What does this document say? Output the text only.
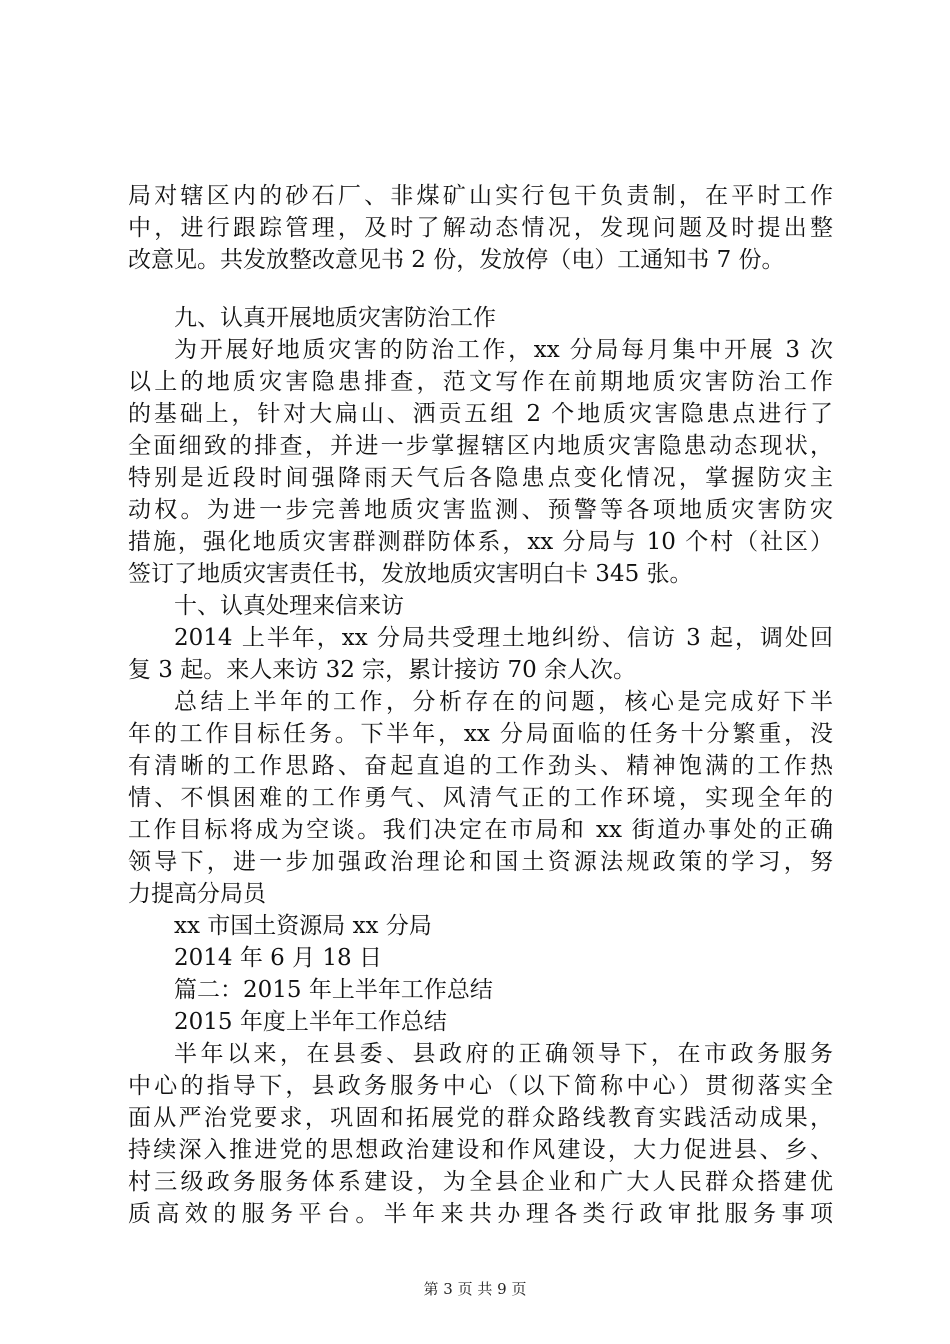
局对辖区内的砂石厂、非煤矿山实行包干负责制，在平时工作
中，进行跟踪管理，及时了解动态情况，发现问题及时提出整
改意见。共发放整改意见书 2 份，发放停（电）工通知书 7 份。
九、认真开展地质灾害防治工作
为开展好地质灾害的防治工作，xx 分局每月集中开展 3 次
以上的地质灾害隐患排查，范文写作在前期地质灾害防治工作
的基础上，针对大扁山、洒贡五组 2 个地质灾害隐患点进行了
全面细致的排查，并进一步掌握辖区内地质灾害隐患动态现状，
特别是近段时间强降雨天气后各隐患点变化情况，掌握防灾主
动权。为进一步完善地质灾害监测、预警等各项地质灾害防灾
措施，强化地质灾害群测群防体系，xx 分局与 10 个村（社区）
签订了地质灾害责任书，发放地质灾害明白卡 345 张。
十、认真处理来信来访
2014 上半年，xx 分局共受理土地纠纷、信访 3 起，调处回
复 3 起。来人来访 32 宗，累计接访 70 余人次。
总结上半年的工作，分析存在的问题，核心是完成好下半
年的工作目标任务。下半年，xx 分局面临的任务十分繁重，没
有清晰的工作思路、奋起直追的工作劲头、精神饱满的工作热
情、不惧困难的工作勇气、风清气正的工作环境，实现全年的
工作目标将成为空谈。我们决定在市局和 xx 街道办事处的正确
领导下，进一步加强政治理论和国土资源法规政策的学习，努
力提高分局员
xx 市国土资源局 xx 分局
2014 年 6 月 18 日
篇二：2015 年上半年工作总结
2015 年度上半年工作总结
半年以来，在县委、县政府的正确领导下，在市政务服务
中心的指导下，县政务服务中心（以下简称中心）贯彻落实全
面从严治党要求，巩固和拓展党的群众路线教育实践活动成果，
持续深入推进党的思想政治建设和作风建设，大力促进县、乡、
村三级政务服务体系建设，为全县企业和广大人民群众搭建优
质高效的服务平台。半年来共办理各类行政审批服务事项
第 3 页 共 9 页
